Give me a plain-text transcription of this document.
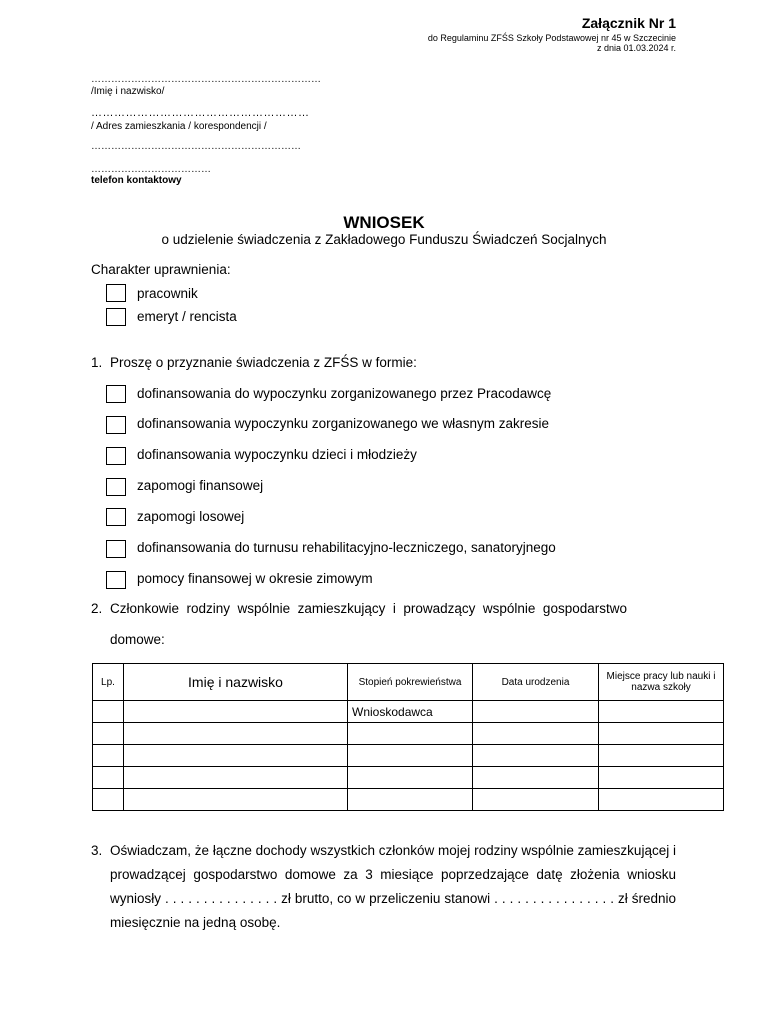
Załącznik Nr 1
do Regulaminu ZFŚS Szkoły Podstawowej nr 45 w Szczecinie
z dnia 01.03.2024 r.
……………………………………………………………
/Imię i nazwisko/
…………………………………………………
/ Adres zamieszkania / korespondencji /
………………………………………………………
………………………………
telefon kontaktowy
WNIOSEK
o udzielenie świadczenia z Zakładowego Funduszu Świadczeń Socjalnych
Charakter uprawnienia:
pracownik
emeryt / rencista
1. Proszę o przyznanie świadczenia z ZFŚS w formie:
dofinansowania do wypoczynku zorganizowanego przez Pracodawcę
dofinansowania wypoczynku zorganizowanego we własnym zakresie
dofinansowania wypoczynku dzieci i młodzieży
zapomogi finansowej
zapomogi losowej
dofinansowania do turnusu rehabilitacyjno-leczniczego, sanatoryjnego
pomocy finansowej w okresie zimowym
2. Członkowie  rodziny  wspólnie  zamieszkujący  i  prowadzący  wspólnie  gospodarstwo
domowe:
Lp.	Imię i nazwisko	Stopień pokrewieństwa	Data urodzenia	Miejsce pracy lub nauki i nazwa szkoły
		Wnioskodawca		

3. Oświadczam, że łączne dochody wszystkich członków mojej rodziny wspólnie zamieszkującej i prowadzącej gospodarstwo domowe za 3 miesiące poprzedzające datę złożenia wniosku wyniosły . . . . . . . . . . . . . . . zł brutto, co w przeliczeniu stanowi . . . . . . . . . . . . . . . . zł średnio miesięcznie na jedną osobę.
